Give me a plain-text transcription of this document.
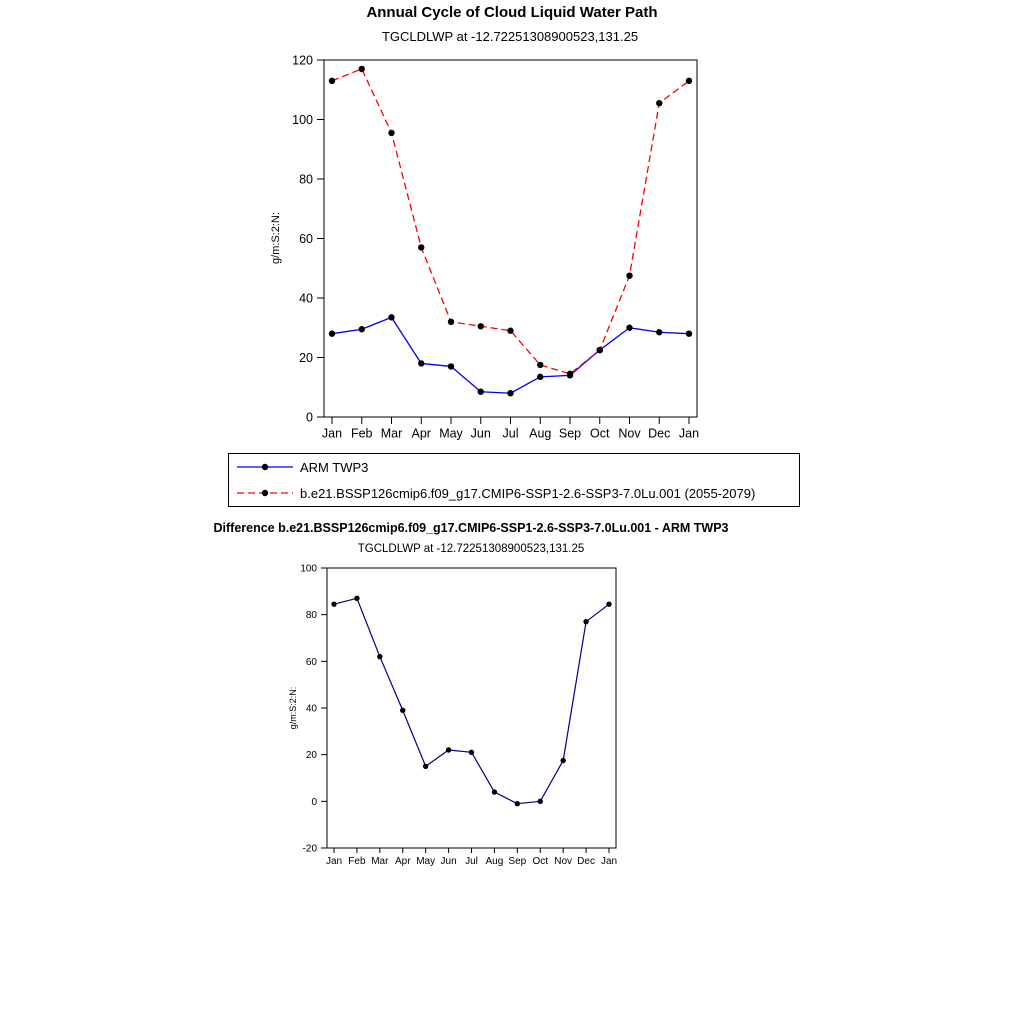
0
20
40
60
80
100
120
Jan Feb Mar Apr May Jun Jul Aug Sep Oct Nov Dec Jan
-20
0
20
40
60
80
100
Jan Feb Mar Apr May Jun Jul Aug Sep Oct Nov Dec Jan
Annual Cycle of Cloud Liquid Water Path
TGCLDLWP at -12.72251308900523,131.25
g/m:S:2:N:
ARM TWP3
b.e21.BSSP126cmip6.f09_g17.CMIP6-SSP1-2.6-SSP3-7.0Lu.001 (2055-2079)
Difference b.e21.BSSP126cmip6.f09_g17.CMIP6-SSP1-2.6-SSP3-7.0Lu.001 - ARM TWP3
TGCLDLWP at -12.72251308900523,131.25
g/m:S:2:N:
